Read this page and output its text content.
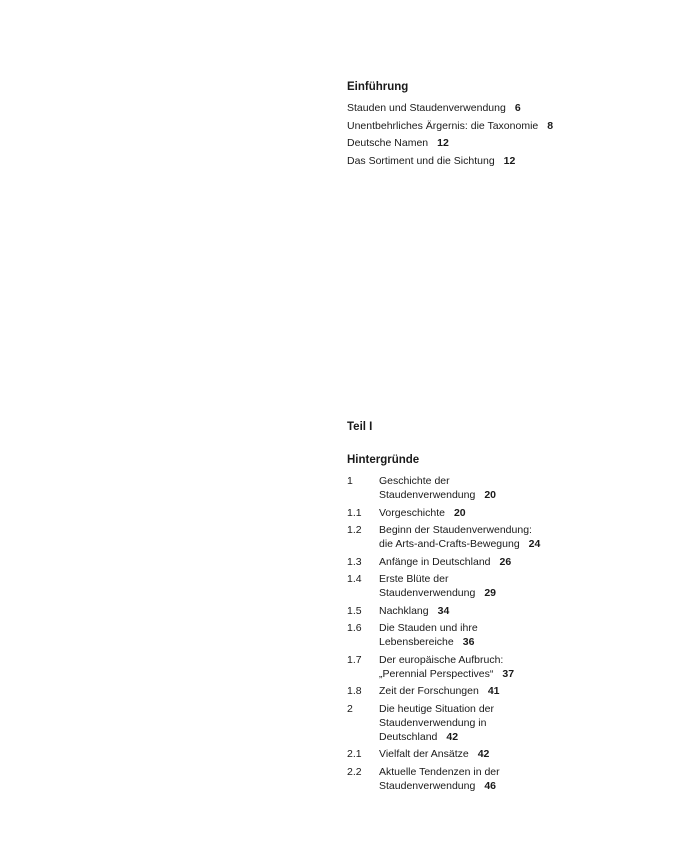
Einführung
Stauden und Staudenverwendung 6
Unentbehrliches Ärgernis: die Taxonomie 8
Deutsche Namen 12
Das Sortiment und die Sichtung 12
Teil I
Hintergründe
1	Geschichte der
Staudenverwendung 20
1.1	Vorgeschichte 20
1.2	Beginn der Staudenverwendung:
die Arts-and-Crafts-Bewegung 24
1.3	Anfänge in Deutschland 26
1.4	Erste Blüte der
Staudenverwendung 29
1.5	Nachklang 34
1.6	Die Stauden und ihre
Lebensbereiche 36
1.7	Der europäische Aufbruch:
„Perennial Perspectives“ 37
1.8	Zeit der Forschungen 41
2	Die heutige Situation der
Staudenverwendung in
Deutschland 42
2.1	Vielfalt der Ansätze 42
2.2	Aktuelle Tendenzen in der
Staudenverwendung 46
